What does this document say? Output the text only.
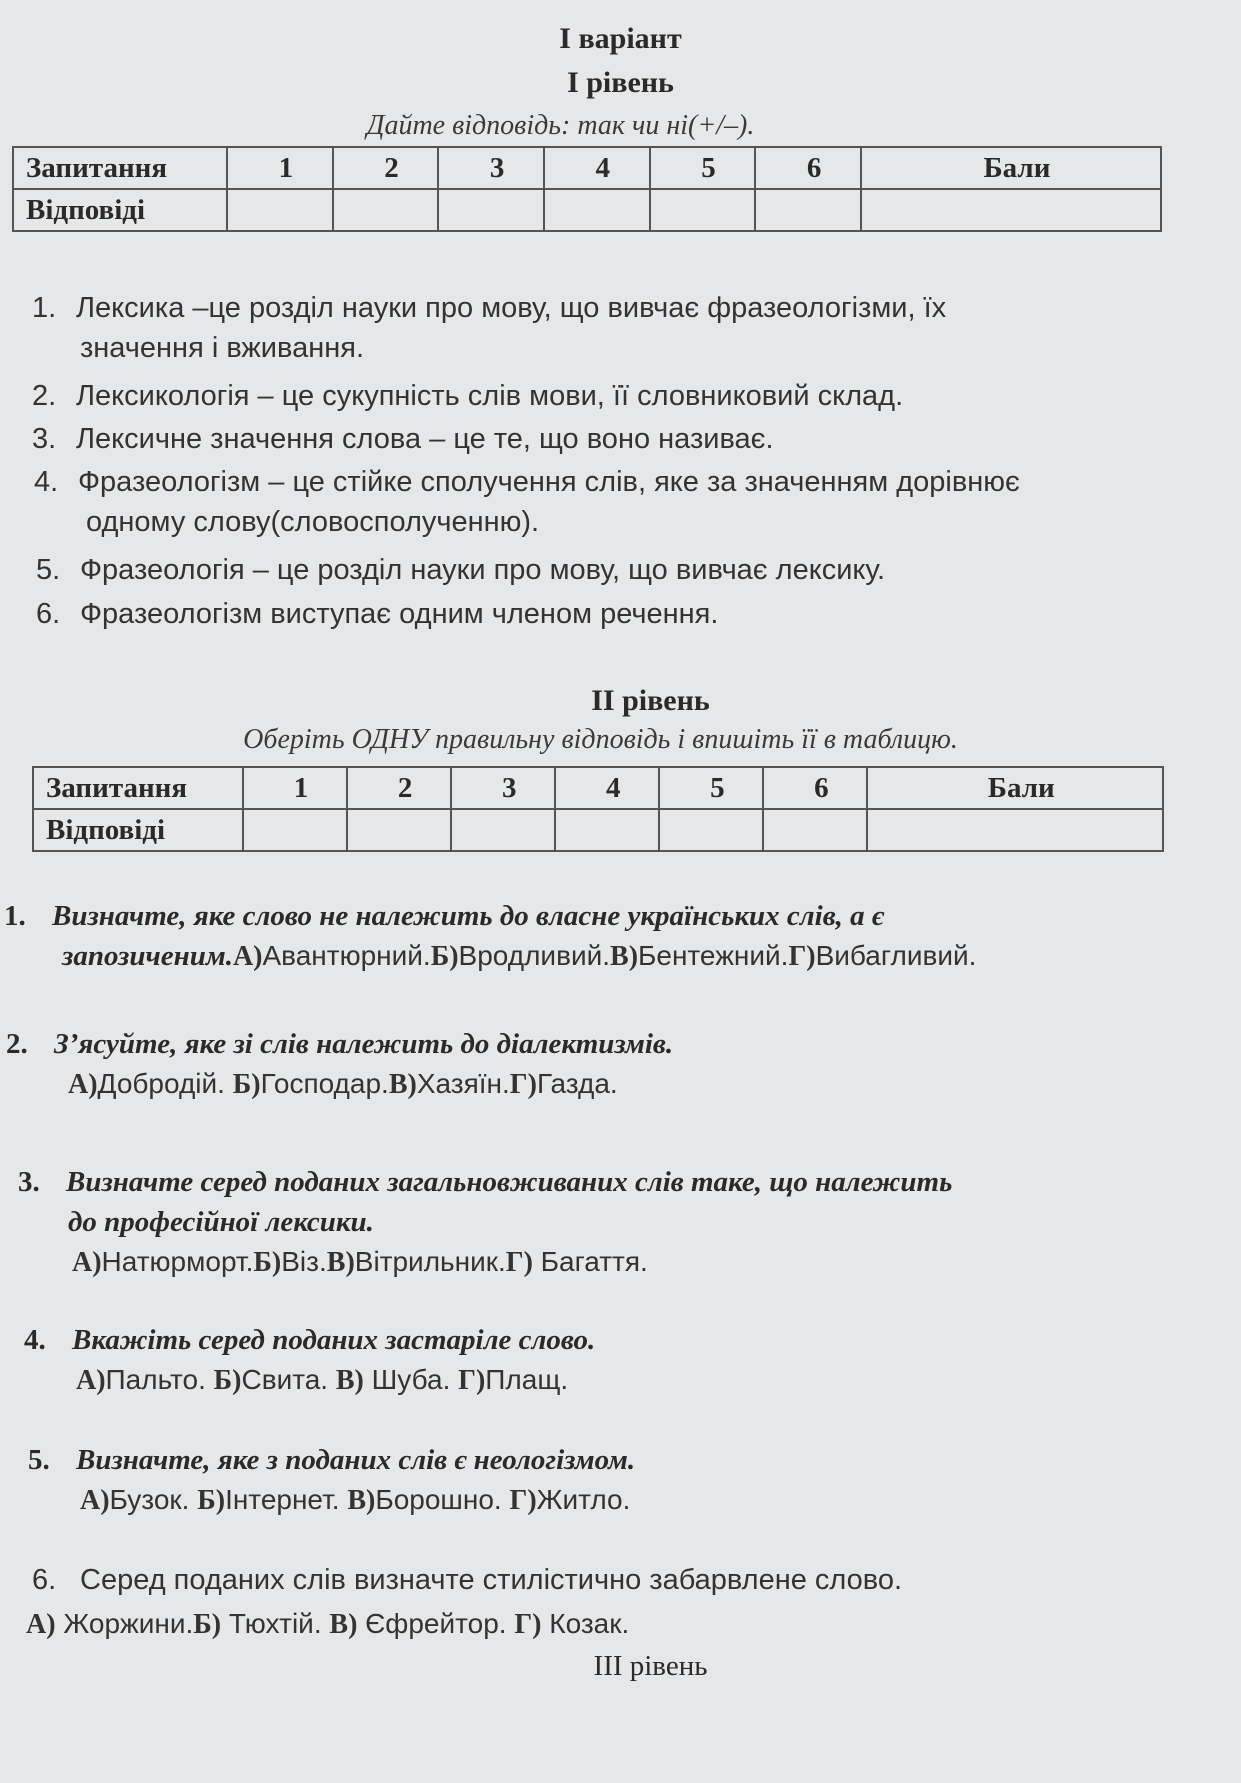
І варіант
І рівень
Дайте відповідь: так чи ні(+/–).
Запитання	1	2	3	4	5	6	Бали
Відповіді							
1. Лексика –це розділ науки про мову, що вивчає фразеологізми, їх
значення і вживання.
2. Лексикологія – це сукупність слів мови, її словниковий склад.
3. Лексичне значення слова – це те, що воно називає.
4. Фразеологізм – це стійке сполучення слів, яке за значенням дорівнює
одному слову(словосполученню).
5. Фразеологія – це розділ науки про мову, що вивчає лексику.
6. Фразеологізм виступає одним членом речення.
ІІ рівень
Оберіть ОДНУ правильну відповідь і впишіть її в таблицю.
Запитання	1	2	3	4	5	6	Бали
Відповіді							
1. Визначте, яке слово не належить до власне українських слів, а є
запозиченим.А)Авантюрний.Б)Вродливий.В)Бентежний.Г)Вибагливий.
2. З’ясуйте, яке зі слів належить до діалектизмів.
А)Добродій. Б)Господар.В)Хазяїн.Г)Газда.
3. Визначте серед поданих загальновживаних слів таке, що належить
до професійної лексики.
А)Натюрморт.Б)Віз.В)Вітрильник.Г) Багаття.
4. Вкажіть серед поданих застаріле слово.
А)Пальто. Б)Свита. В) Шуба. Г)Плащ.
5. Визначте, яке з поданих слів є неологізмом.
А)Бузок. Б)Інтернет. В)Борошно. Г)Житло.
6. Серед поданих слів визначте стилістично забарвлене слово.
А) Жоржини.Б) Тюхтій. В) Єфрейтор. Г) Козак.
ІІІ рівень
